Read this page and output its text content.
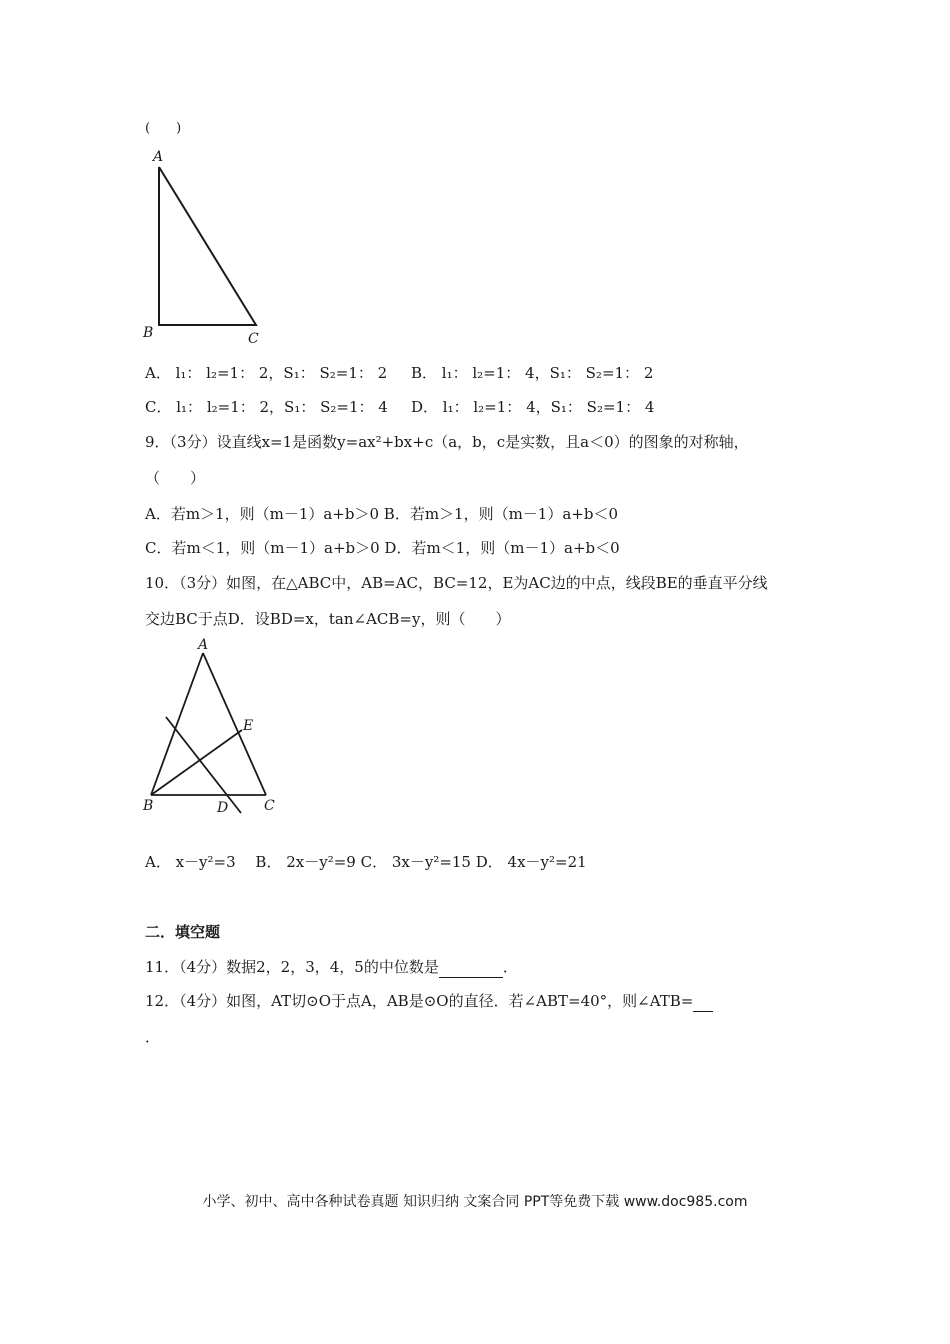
(　　)
A
B	C
A． l₁： l₂=1： 2，S₁： S₂=1： 2 B． l₁： l₂=1： 4，S₁： S₂=1： 2
C． l₁： l₂=1： 2，S₁： S₂=1： 4 D． l₁： l₂=1： 4，S₁： S₂=1： 4
9．（3分）设直线x=1是函数y=ax²+bx+c（a，b，c是实数，且a＜0）的图象的对称轴，
（　　）
A．若m＞1，则（m－1）a+b＞0 B．若m＞1，则（m－1）a+b＜0
C．若m＜1，则（m－1）a+b＞0 D．若m＜1，则（m－1）a+b＜0
10．（3分）如图，在△ABC中，AB=AC，BC=12，E为AC边的中点，线段BE的垂直平分线
交边BC于点D．设BD=x，tan∠ACB=y，则（　　）
A
E
B	D	C
A． x－y²=3　 B． 2x－y²=9 C． 3x－y²=15 D． 4x－y²=21
二．填空题
11．（4分）数据2，2，3，4，5的中位数是	．
12．（4分）如图，AT切⊙O于点A，AB是⊙O的直径．若∠ABT=40°，则∠ATB=
．
小学、初中、高中各种试卷真题 知识归纳 文案合同 PPT等免费下载 www.doc985.com
